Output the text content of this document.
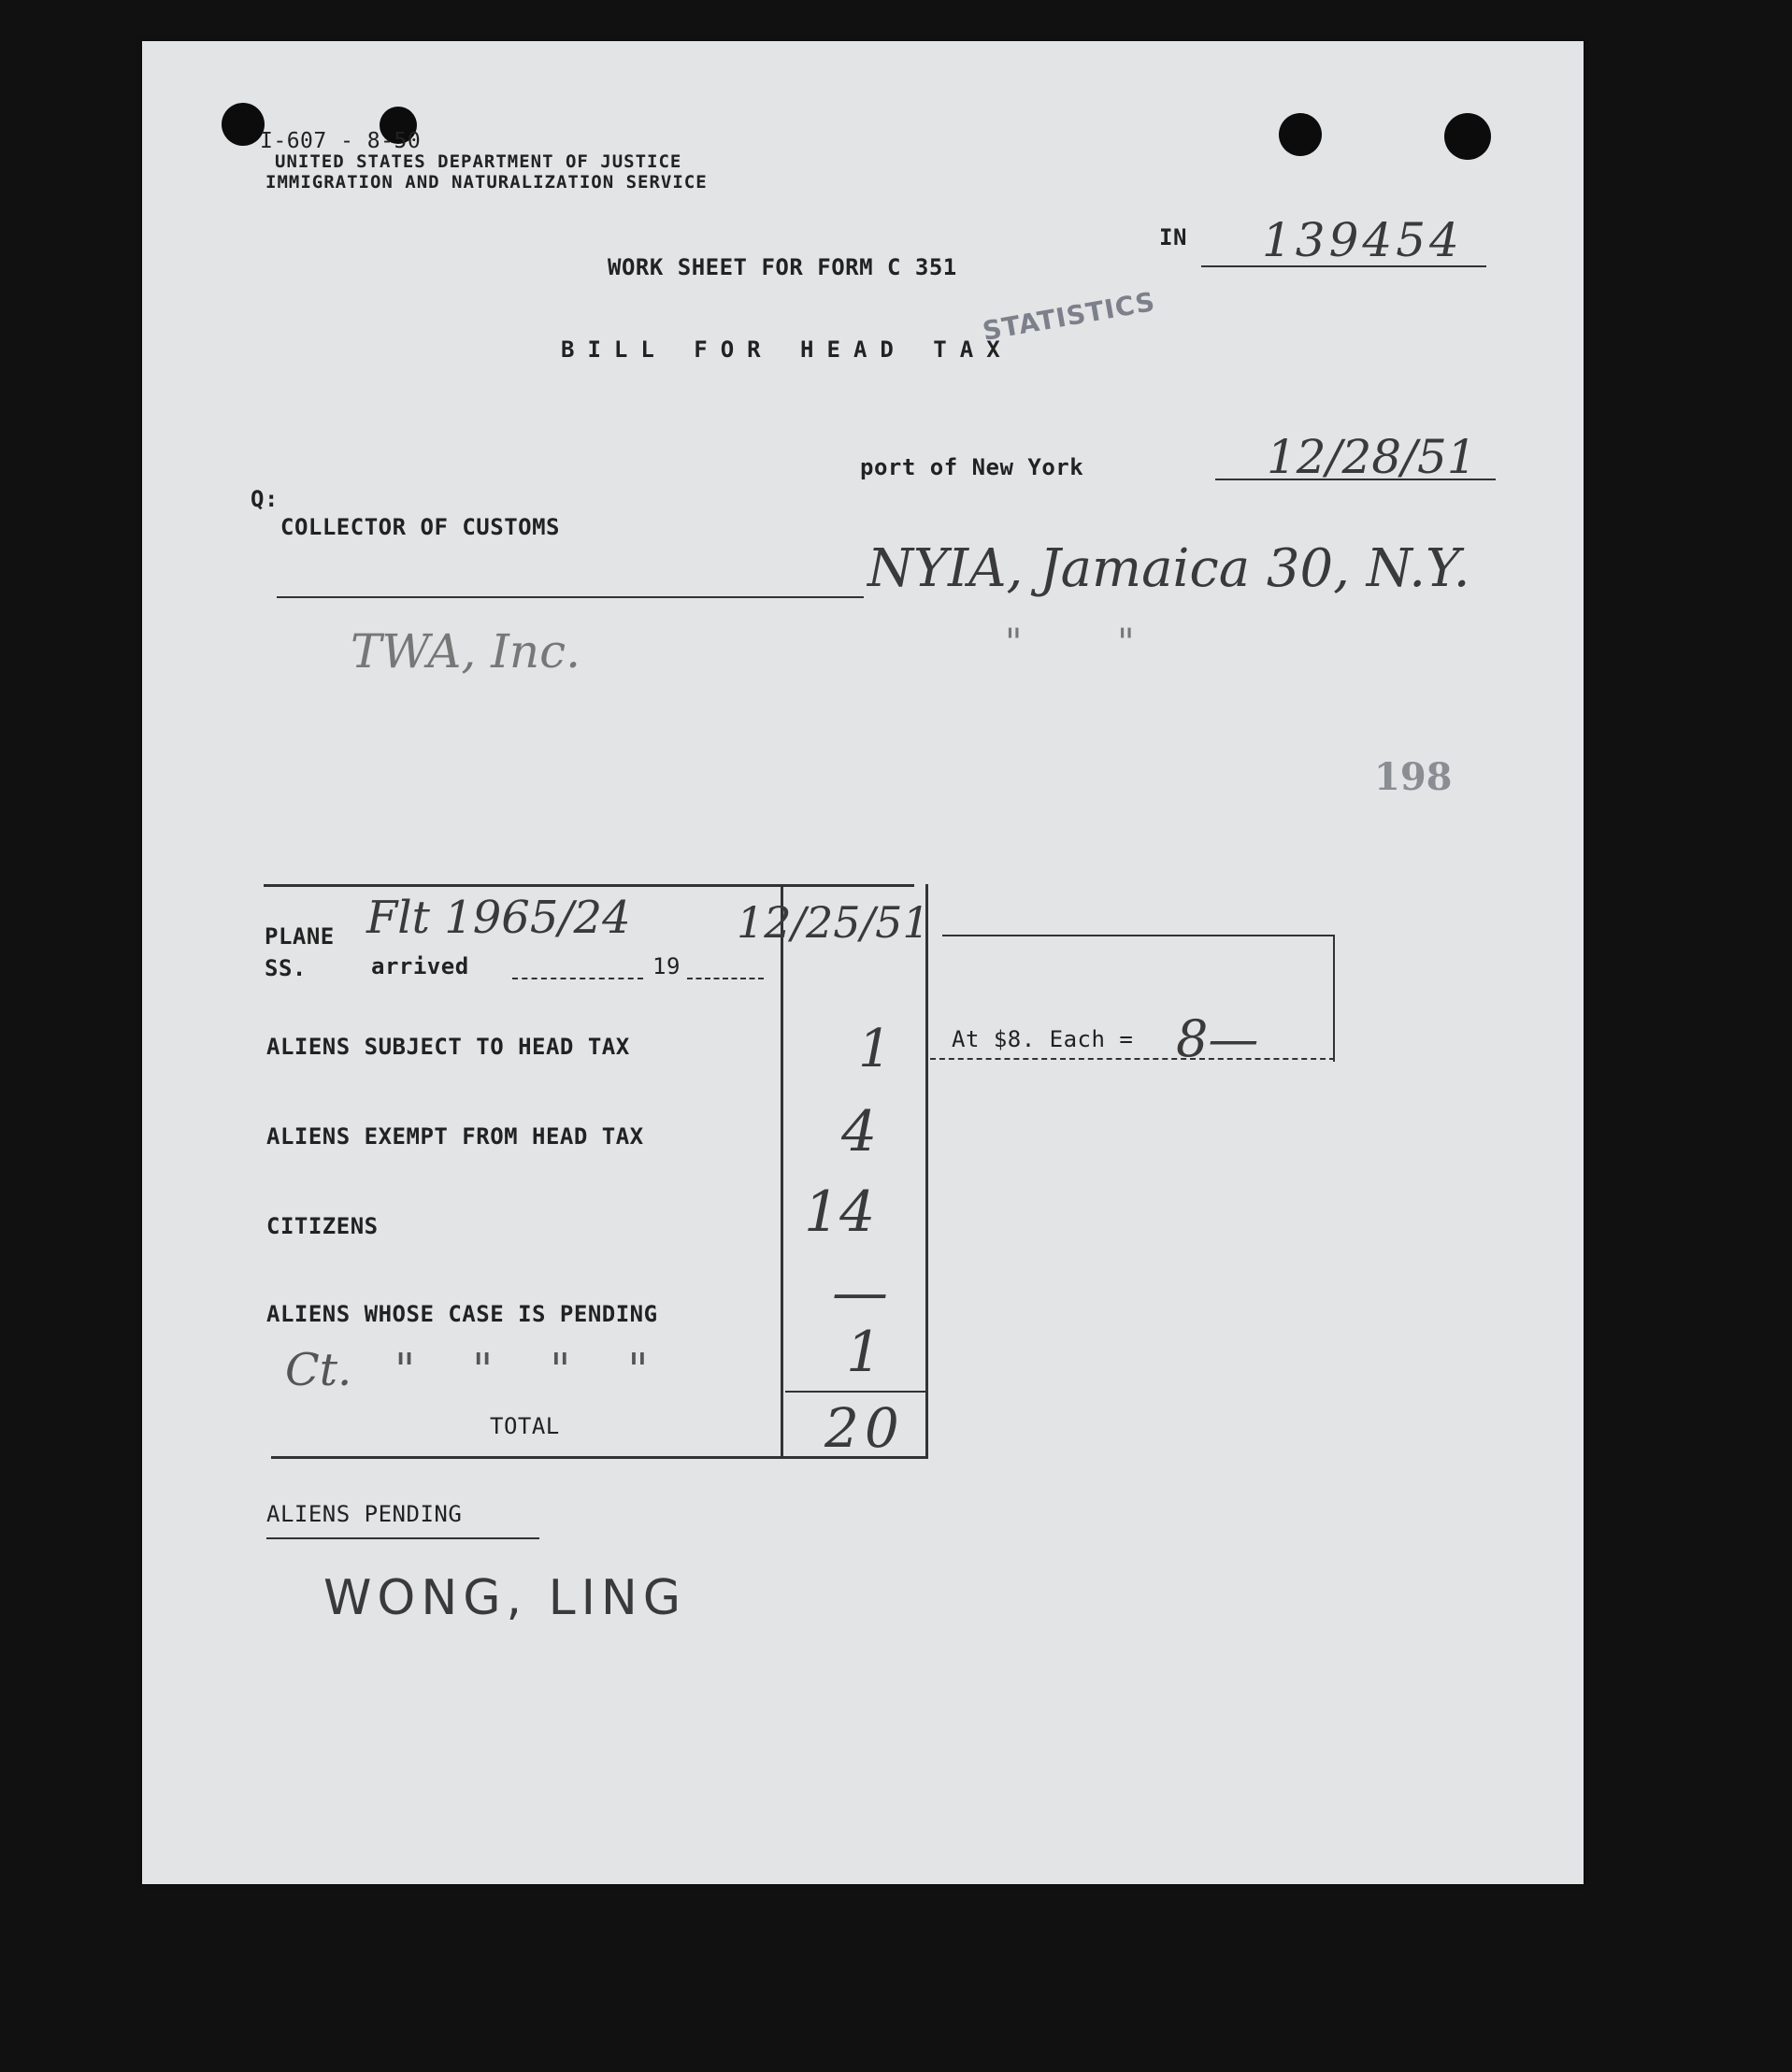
I-607 - 8-50
UNITED STATES DEPARTMENT OF JUSTICE
IMMIGRATION AND NATURALIZATION SERVICE
IN 139454
WORK SHEET FOR FORM C 351
BILL FOR HEAD TAX
STATISTICS
port of New York	12/28/51
Q:
COLLECTOR OF CUSTOMS
NYIA, Jamaica 30, N.Y.
TWA, Inc.	"        "
198
PLANE Flt 1965/24 12/25/51
SS.	arrived	19
ALIENS SUBJECT TO HEAD TAX	1
ALIENS EXEMPT FROM HEAD TAX	4
CITIZENS	14
ALIENS WHOSE CASE IS PENDING	—
Ct.   "    "    "    "	1
TOTAL	20
At $8. Each = 8—
ALIENS PENDING
WONG, LING
